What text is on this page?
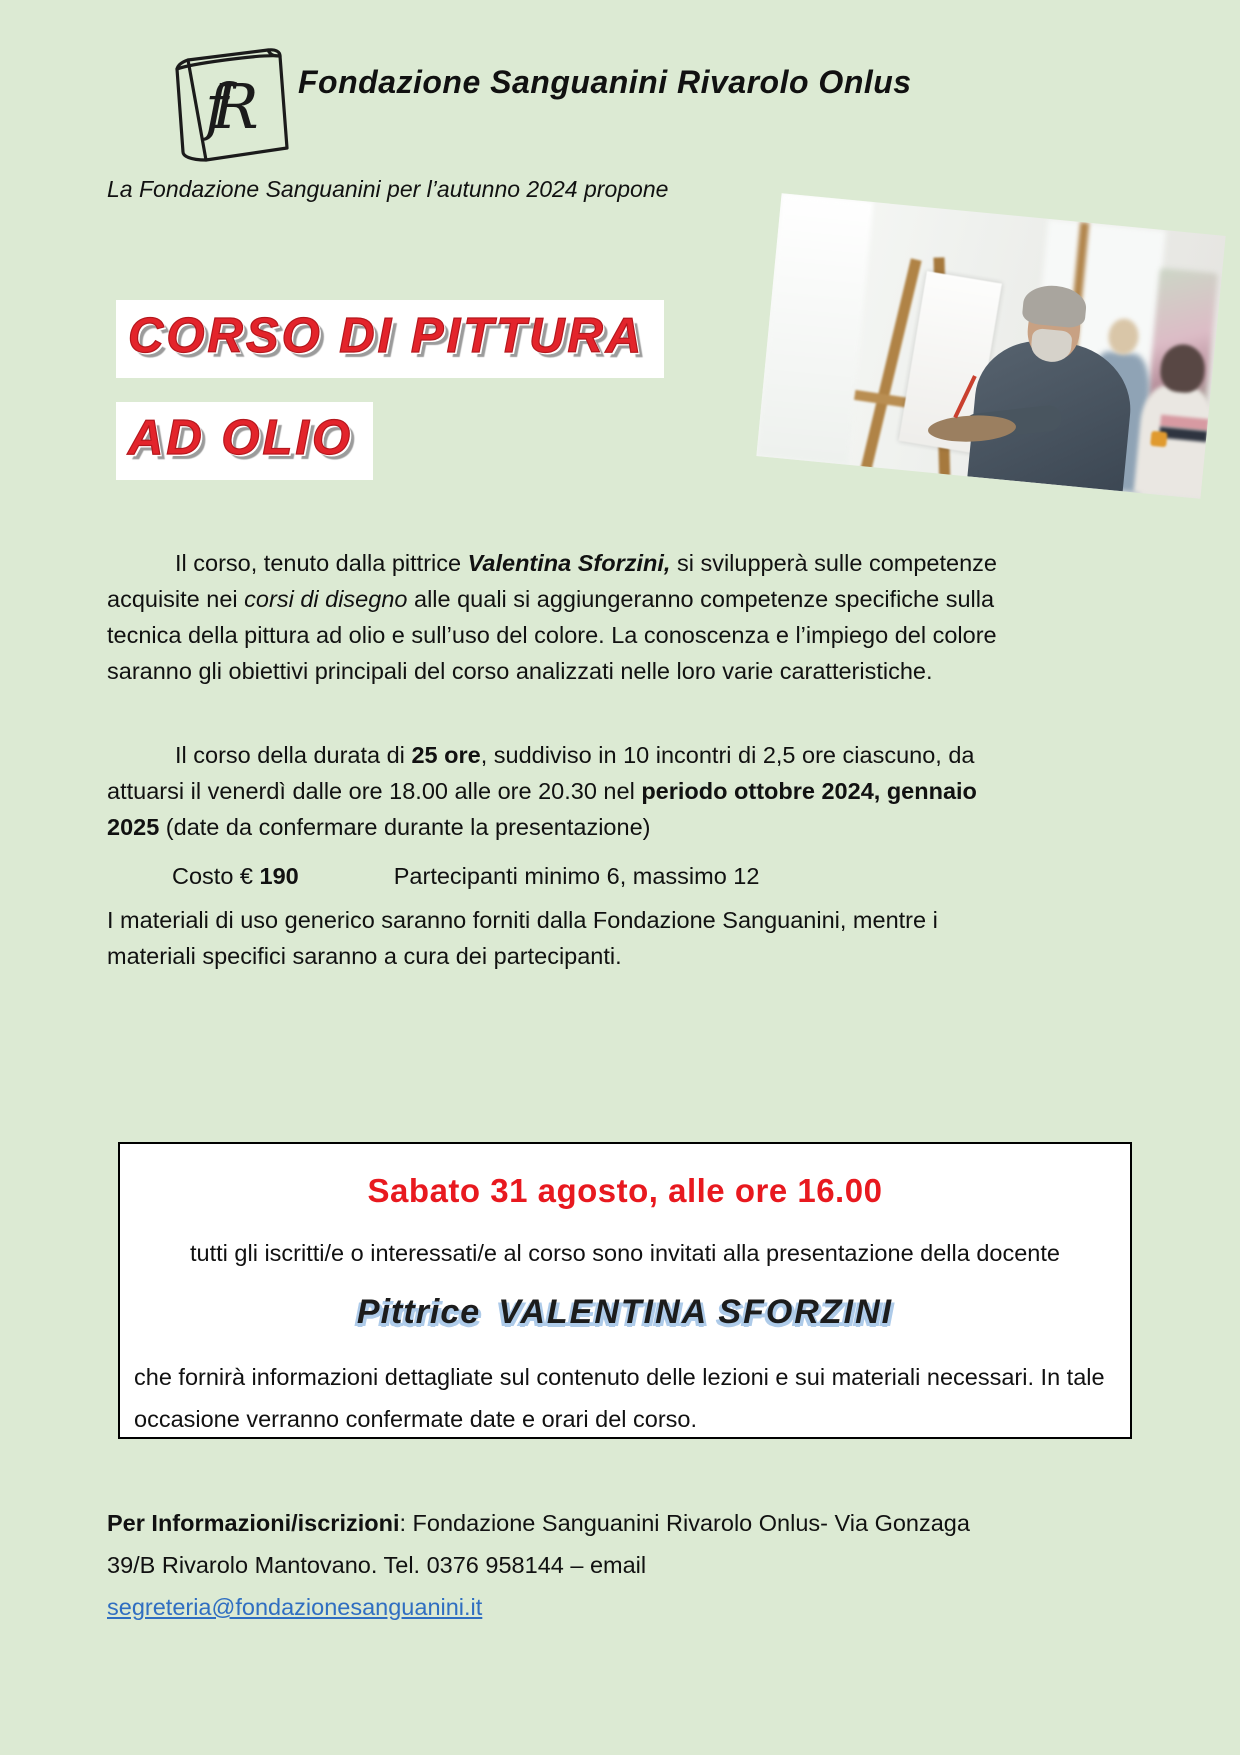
fR	Fondazione Sanguanini Rivarolo Onlus

La Fondazione Sanguanini per l’autunno 2024 propone

CORSO DI PITTURA
AD OLIO

Il corso, tenuto dalla pittrice Valentina Sforzini, si svilupperà sulle competenze acquisite nei corsi di disegno alle quali si aggiungeranno competenze specifiche sulla tecnica della pittura ad olio e sull’uso del colore. La conoscenza e l’impiego del colore saranno gli obiettivi principali del corso analizzati nelle loro varie caratteristiche.

Il corso della durata di 25 ore, suddiviso in 10 incontri di 2,5 ore ciascuno, da attuarsi il venerdì dalle ore 18.00 alle ore 20.30 nel periodo ottobre 2024, gennaio 2025 (date da confermare durante la presentazione)

Costo € 190	Partecipanti minimo 6, massimo 12

I materiali di uso generico saranno forniti dalla Fondazione Sanguanini, mentre i materiali specifici saranno a cura dei partecipanti.

Sabato 31 agosto, alle ore 16.00

tutti gli iscritti/e o interessati/e al corso sono invitati alla presentazione della docente

Pittrice VALENTINA SFORZINI

che fornirà informazioni dettagliate sul contenuto delle lezioni e sui materiali necessari. In tale occasione verranno confermate date e orari del corso.

Per Informazioni/iscrizioni: Fondazione Sanguanini Rivarolo Onlus- Via Gonzaga 39/B Rivarolo Mantovano. Tel. 0376 958144 – email segreteria@fondazionesanguanini.it
